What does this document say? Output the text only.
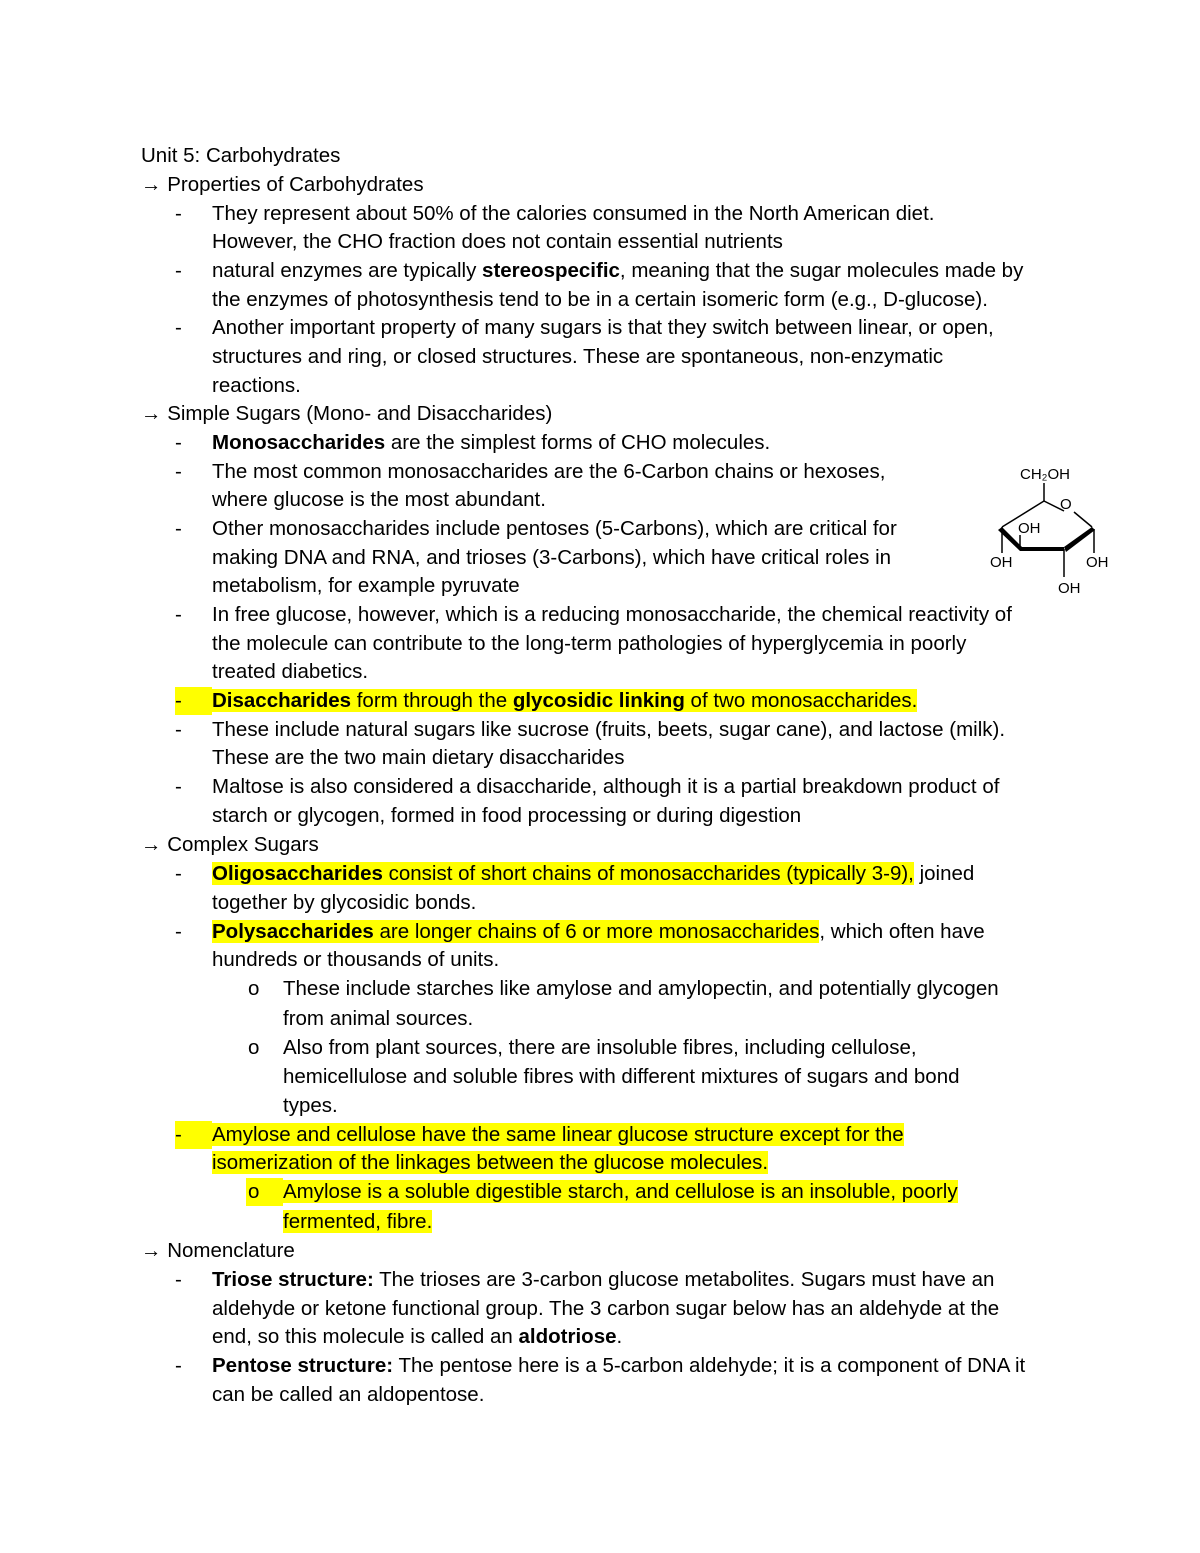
Unit 5: Carbohydrates
→ Properties of Carbohydrates
- They represent about 50% of the calories consumed in the North American diet.
However, the CHO fraction does not contain essential nutrients
- natural enzymes are typically stereospecific, meaning that the sugar molecules made by
the enzymes of photosynthesis tend to be in a certain isomeric form (e.g., D-glucose).
- Another important property of many sugars is that they switch between linear, or open,
structures and ring, or closed structures. These are spontaneous, non-enzymatic
reactions.
→ Simple Sugars (Mono- and Disaccharides)
- Monosaccharides are the simplest forms of CHO molecules.
- The most common monosaccharides are the 6-Carbon chains or hexoses,
where glucose is the most abundant.
- Other monosaccharides include pentoses (5-Carbons), which are critical for
making DNA and RNA, and trioses (3-Carbons), which have critical roles in
metabolism, for example pyruvate
- In free glucose, however, which is a reducing monosaccharide, the chemical reactivity of
the molecule can contribute to the long-term pathologies of hyperglycemia in poorly
treated diabetics.
-	Disaccharides form through the glycosidic linking of two monosaccharides.
- These include natural sugars like sucrose (fruits, beets, sugar cane), and lactose (milk).
These are the two main dietary disaccharides
- Maltose is also considered a disaccharide, although it is a partial breakdown product of
starch or glycogen, formed in food processing or during digestion
→ Complex Sugars
- Oligosaccharides consist of short chains of monosaccharides (typically 3-9), joined
together by glycosidic bonds.
- Polysaccharides are longer chains of 6 or more monosaccharides, which often have
hundreds or thousands of units.
o These include starches like amylose and amylopectin, and potentially glycogen
from animal sources.
o Also from plant sources, there are insoluble fibres, including cellulose,
hemicellulose and soluble fibres with different mixtures of sugars and bond
types.
-	Amylose and cellulose have the same linear glucose structure except for the
isomerization of the linkages between the glucose molecules.
o	Amylose is a soluble digestible starch, and cellulose is an insoluble, poorly
fermented, fibre.
→ Nomenclature
- Triose structure: The trioses are 3-carbon glucose metabolites. Sugars must have an
aldehyde or ketone functional group. The 3 carbon sugar below has an aldehyde at the
end, so this molecule is called an aldotriose.
- Pentose structure: The pentose here is a 5-carbon aldehyde; it is a component of DNA it
can be called an aldopentose.
CH₂OH
O
OH
OH
OH
OH
